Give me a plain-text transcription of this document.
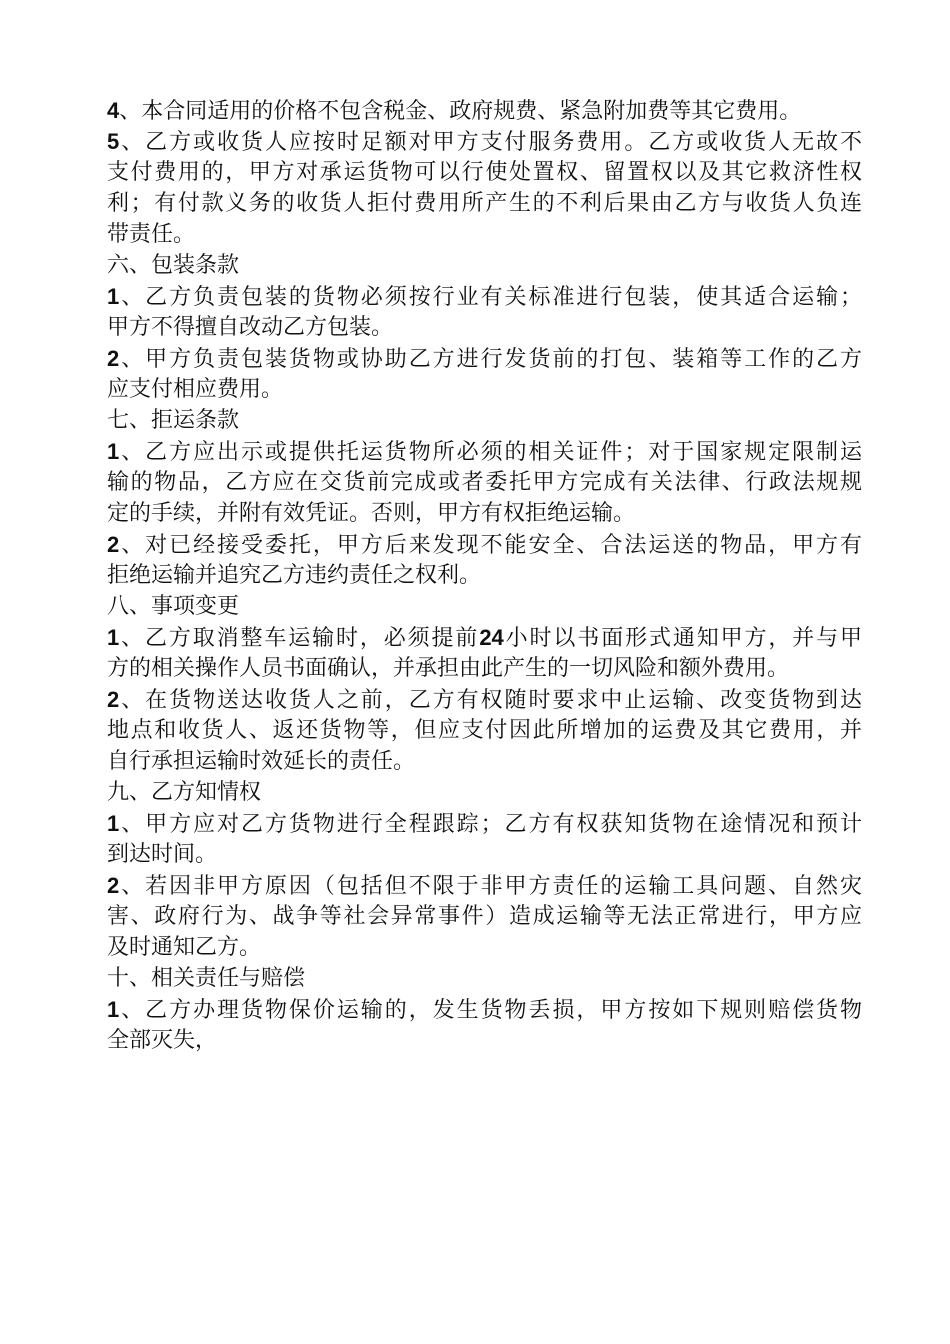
4、本合同适用的价格不包含税金、政府规费、紧急附加费等其它费用。
5、乙方或收货人应按时足额对甲方支付服务费用。乙方或收货人无故不
支付费用的，甲方对承运货物可以行使处置权、留置权以及其它救济性权
利；有付款义务的收货人拒付费用所产生的不利后果由乙方与收货人负连
带责任。
六、包装条款
1、乙方负责包装的货物必须按行业有关标准进行包装，使其适合运输；
甲方不得擅自改动乙方包装。
2、甲方负责包装货物或协助乙方进行发货前的打包、装箱等工作的乙方
应支付相应费用。
七、拒运条款
1、乙方应出示或提供托运货物所必须的相关证件；对于国家规定限制运
输的物品，乙方应在交货前完成或者委托甲方完成有关法律、行政法规规
定的手续，并附有效凭证。否则，甲方有权拒绝运输。
2、对已经接受委托，甲方后来发现不能安全、合法运送的物品，甲方有
拒绝运输并追究乙方违约责任之权利。
八、事项变更
1、乙方取消整车运输时，必须提前24小时以书面形式通知甲方，并与甲
方的相关操作人员书面确认，并承担由此产生的一切风险和额外费用。
2、在货物送达收货人之前，乙方有权随时要求中止运输、改变货物到达
地点和收货人、返还货物等，但应支付因此所增加的运费及其它费用，并
自行承担运输时效延长的责任。
九、乙方知情权
1、甲方应对乙方货物进行全程跟踪；乙方有权获知货物在途情况和预计
到达时间。
2、若因非甲方原因（包括但不限于非甲方责任的运输工具问题、自然灾
害、政府行为、战争等社会异常事件）造成运输等无法正常进行，甲方应
及时通知乙方。
十、相关责任与赔偿
1、乙方办理货物保价运输的，发生货物丢损，甲方按如下规则赔偿货物
全部灭失，
